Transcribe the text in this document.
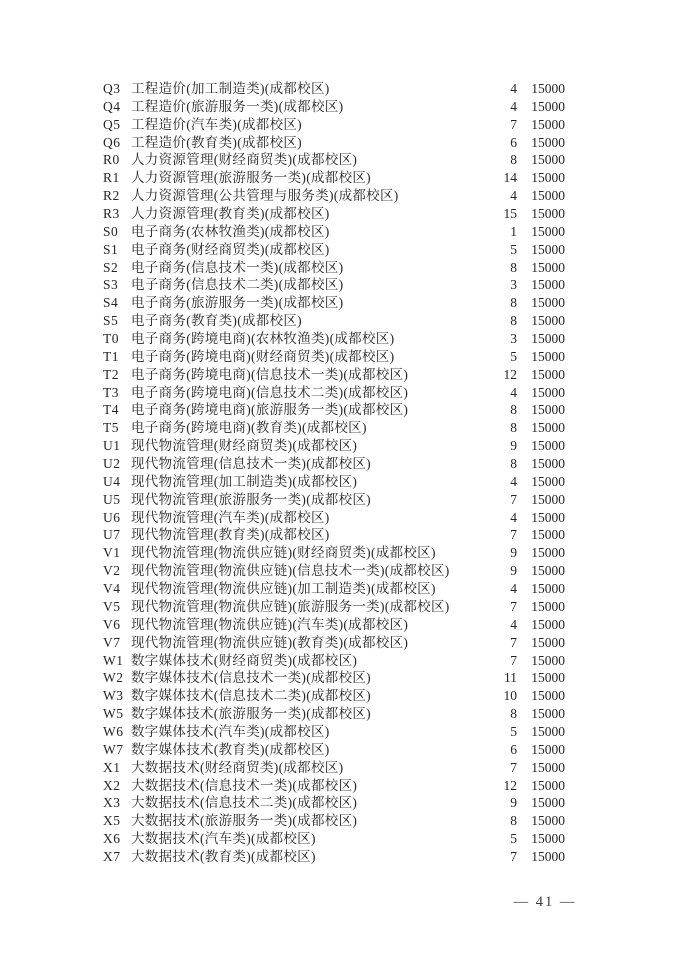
Q3 工程造价(加工制造类)(成都校区)	4	15000
Q4 工程造价(旅游服务一类)(成都校区)	4	15000
Q5 工程造价(汽车类)(成都校区)	7	15000
Q6 工程造价(教育类)(成都校区)	6	15000
R0 人力资源管理(财经商贸类)(成都校区)	8	15000
R1 人力资源管理(旅游服务一类)(成都校区)	14	15000
R2 人力资源管理(公共管理与服务类)(成都校区)	4	15000
R3 人力资源管理(教育类)(成都校区)	15	15000
S0 电子商务(农林牧渔类)(成都校区)	1	15000
S1 电子商务(财经商贸类)(成都校区)	5	15000
S2 电子商务(信息技术一类)(成都校区)	8	15000
S3 电子商务(信息技术二类)(成都校区)	3	15000
S4 电子商务(旅游服务一类)(成都校区)	8	15000
S5 电子商务(教育类)(成都校区)	8	15000
T0 电子商务(跨境电商)(农林牧渔类)(成都校区)	3	15000
T1 电子商务(跨境电商)(财经商贸类)(成都校区)	5	15000
T2 电子商务(跨境电商)(信息技术一类)(成都校区)	12	15000
T3 电子商务(跨境电商)(信息技术二类)(成都校区)	4	15000
T4 电子商务(跨境电商)(旅游服务一类)(成都校区)	8	15000
T5 电子商务(跨境电商)(教育类)(成都校区)	8	15000
U1 现代物流管理(财经商贸类)(成都校区)	9	15000
U2 现代物流管理(信息技术一类)(成都校区)	8	15000
U4 现代物流管理(加工制造类)(成都校区)	4	15000
U5 现代物流管理(旅游服务一类)(成都校区)	7	15000
U6 现代物流管理(汽车类)(成都校区)	4	15000
U7 现代物流管理(教育类)(成都校区)	7	15000
V1 现代物流管理(物流供应链)(财经商贸类)(成都校区)	9	15000
V2 现代物流管理(物流供应链)(信息技术一类)(成都校区)	9	15000
V4 现代物流管理(物流供应链)(加工制造类)(成都校区)	4	15000
V5 现代物流管理(物流供应链)(旅游服务一类)(成都校区)	7	15000
V6 现代物流管理(物流供应链)(汽车类)(成都校区)	4	15000
V7 现代物流管理(物流供应链)(教育类)(成都校区)	7	15000
W1 数字媒体技术(财经商贸类)(成都校区)	7	15000
W2 数字媒体技术(信息技术一类)(成都校区)	11	15000
W3 数字媒体技术(信息技术二类)(成都校区)	10	15000
W5 数字媒体技术(旅游服务一类)(成都校区)	8	15000
W6 数字媒体技术(汽车类)(成都校区)	5	15000
W7 数字媒体技术(教育类)(成都校区)	6	15000
X1 大数据技术(财经商贸类)(成都校区)	7	15000
X2 大数据技术(信息技术一类)(成都校区)	12	15000
X3 大数据技术(信息技术二类)(成都校区)	9	15000
X5 大数据技术(旅游服务一类)(成都校区)	8	15000
X6 大数据技术(汽车类)(成都校区)	5	15000
X7 大数据技术(教育类)(成都校区)	7	15000
— 41 —
